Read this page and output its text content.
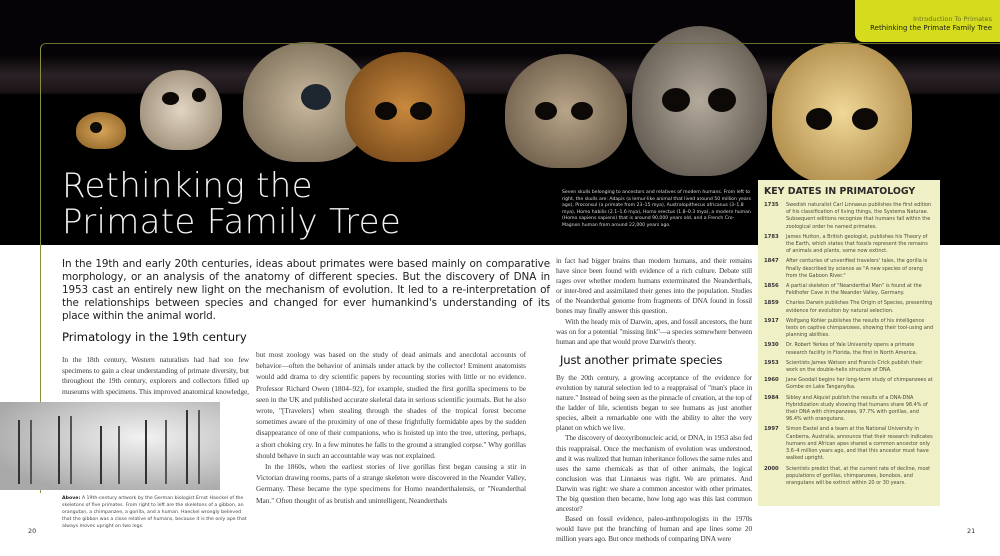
Introduction To Primates
Rethinking the Primate Family Tree
Rethinking the
Primate Family Tree
Seven skulls belonging to ancestors and relatives of modern humans. From left to right, the skulls are: Adapis (a lemur-like animal that lived around 50 million years ago), Proconsul (a primate from 23–15 mya), Australopithecus africanus (3–1.8 mya), Homo habilis (2.1–1.6 mya), Homo erectus (1.8–0.3 mya), a modern human (Homo sapiens sapiens) that is around 90,000 years old, and a French Cro-Magnon human from around 22,000 years ago.
In the 19th and early 20th centuries, ideas about primates were based mainly on comparative morphology, or an analysis of the anatomy of different species. But the discovery of DNA in 1953 cast an entirely new light on the mechanism of evolution. It led to a re-interpretation of the relationships between species and changed for ever humankind's understanding of its place within the animal world.
Primatology in the 19th century

In the 18th century, Western naturalists had had too few specimens to gain a clear understanding of primate diversity, but throughout the 19th century, explorers and collectors filled up museums with specimens. This improved anatomical knowledge,

Above: A 19th-century artwork by the German biologist Ernst Haeckel of the skeletons of five primates. From right to left are the skeletons of a gibbon, an orangutan, a chimpanzee, a gorilla, and a human. Haeckel wrongly believed that the gibbon was a close relative of humans, because it is the only ape that always moves upright on two legs.
20

but most zoology was based on the study of dead animals and anecdotal accounts of behavior—often the behavior of animals under attack by the collector! Eminent anatomists would add drama to dry scientific papers by recounting stories with little or no evidence. Professor Richard Owen (1804–92), for example, studied the first gorilla specimens to be seen in the UK and published accurate skeletal data in serious scientific journals. But he also wrote, "[Travelers] when stealing through the shades of the tropical forest become sometimes aware of the proximity of one of these frightfully formidable apes by the sudden disappearance of one of their companions, who is hoisted up into the tree, uttering, perhaps, a short choking cry. In a few minutes he falls to the ground a strangled corpse." Why gorillas should behave in such an accountable way was not explained.

In the 1860s, when the earliest stories of live gorillas first began causing a stir in Victorian drawing rooms, parts of a strange skeleton were discovered in the Neander Valley, Germany. These became the type specimens for Homo neanderthalensis, or "Neanderthal Man." Often thought of as brutish and unintelligent, Neanderthals

in fact had bigger brains than modern humans, and their remains have since been found with evidence of a rich culture. Debate still rages over whether modern humans exterminated the Neanderthals, or inter-bred and assimilated their genes into the population. Studies of the Neanderthal genome from fragments of DNA found in fossil bones may finally answer this question.

With the heady mix of Darwin, apes, and fossil ancestors, the hunt was on for a potential "missing link"—a species somewhere between human and ape that would prove Darwin's theory.

Just another primate species

By the 20th century, a growing acceptance of the evidence for evolution by natural selection led to a reappraisal of "man's place in nature." Instead of being seen as the pinnacle of creation, at the top of the ladder of life, scientists began to see humans as just another species, albeit a remarkable one with the ability to alter the very planet on which we live.

The discovery of deoxyribonucleic acid, or DNA, in 1953 also fed this reappraisal. Once the mechanism of evolution was understood, and it was realized that human inheritance follows the same rules and uses the same chemicals as that of other animals, the logical conclusion was that Linnaeus was right. We are primates. And Darwin was right: we share a common ancestor with other primates. The big question then became, how long ago was this last common ancestor?

Based on fossil evidence, paleo-anthropologists in the 1970s would have put the branching of human and ape lines some 20 million years ago. But once methods of comparing DNA were

KEY DATES IN PRIMATOLOGY
1735	Swedish naturalist Carl Linnaeus publishes the first edition of his classification of living things, the Systema Naturae. Subsequent editions recognize that humans fall within the zoological order he named primates.
1783	James Hutton, a British geologist, publishes his Theory of the Earth, which states that fossils represent the remains of animals and plants, some now extinct.
1847	After centuries of unverified travelers' tales, the gorilla is finally described by science as "A new species of orang from the Gaboon River."
1856	A partial skeleton of "Neanderthal Man" is found at the Feldhofer Cave in the Neander Valley, Germany.
1859	Charles Darwin publishes The Origin of Species, presenting evidence for evolution by natural selection.
1917	Wolfgang Kohler publishes the results of his intelligence tests on captive chimpanzees, showing their tool-using and planning abilities.
1930	Dr. Robert Yerkes of Yale University opens a primate research facility in Florida, the first in North America.
1953	Scientists James Watson and Francis Crick publish their work on the double-helix structure of DNA.
1960	Jane Goodall begins her long-term study of chimpanzees at Gombe on Lake Tanganyika.
1984	Sibley and Alquist publish the results of a DNA-DNA Hybridization study showing that humans share 98.4% of their DNA with chimpanzees, 97.7% with gorillas, and 96.4% with orangutans.
1997	Simon Eastel and a team at the National University in Canberra, Australia, announce that their research indicates humans and African apes shared a common ancestor only 3.6–4 million years ago, and that this ancestor must have walked upright.
2000	Scientists predict that, at the current rate of decline, most populations of gorillas, chimpanzees, bonobos, and orangutans will be extinct within 20 or 30 years.
21
